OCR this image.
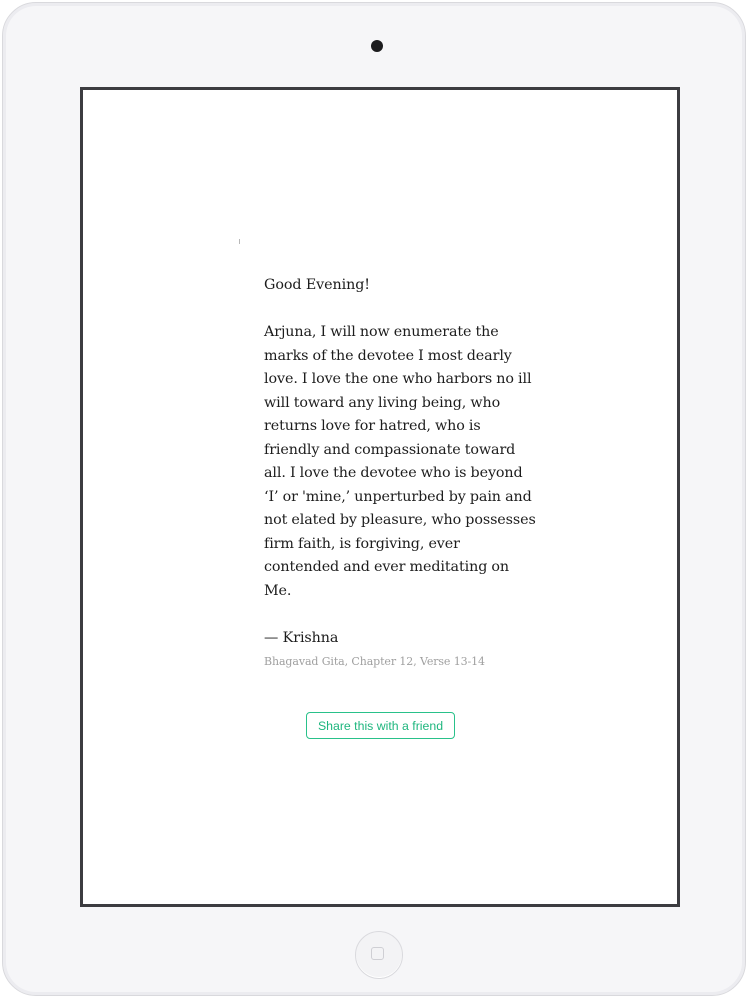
Good Evening!

Arjuna, I will now enumerate the
marks of the devotee I most dearly
love. I love the one who harbors no ill
will toward any living being, who
returns love for hatred, who is
friendly and compassionate toward
all. I love the devotee who is beyond
‘I’ or 'mine,’ unperturbed by pain and
not elated by pleasure, who possesses
firm faith, is forgiving, ever
contended and ever meditating on
Me.

— Krishna

Bhagavad Gita, Chapter 12, Verse 13-14

Share this with a friend
